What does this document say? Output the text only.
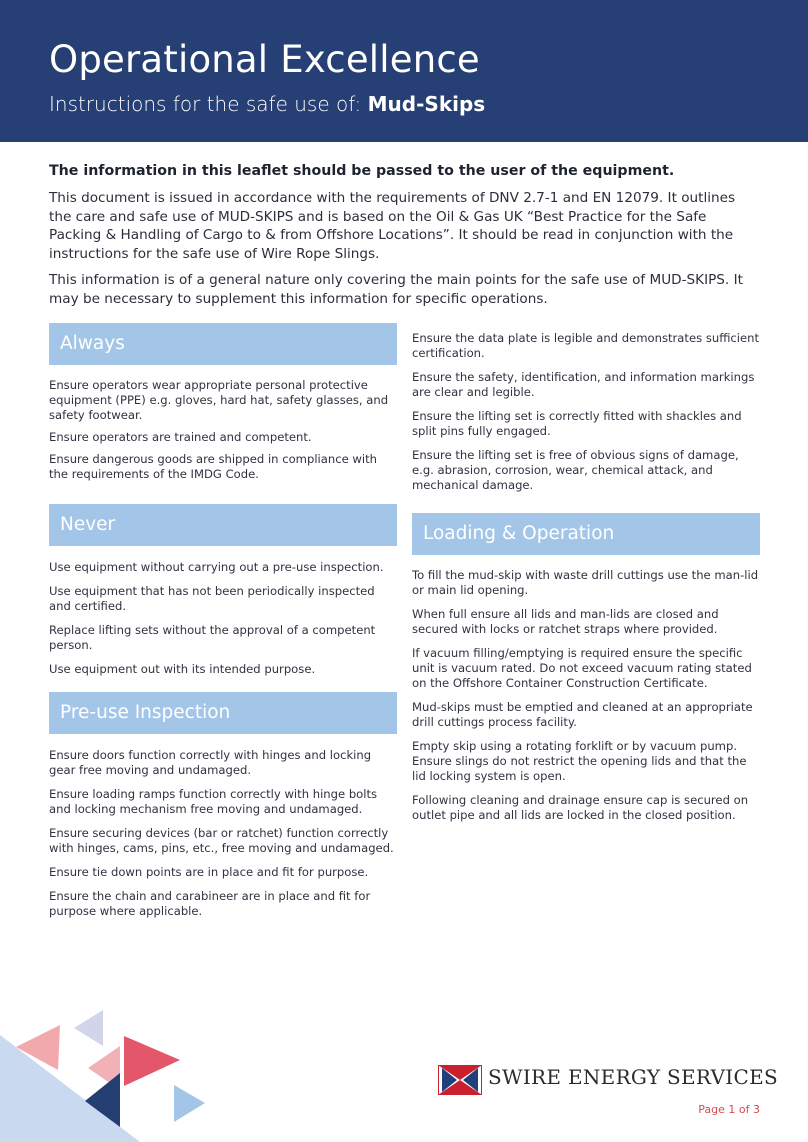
Operational Excellence

Instructions for the safe use of: Mud-Skips

The information in this leaflet should be passed to the user of the equipment.

This document is issued in accordance with the requirements of DNV 2.7-1 and EN 12079. It outlines the care and safe use of MUD-SKIPS and is based on the Oil & Gas UK “Best Practice for the Safe Packing & Handling of Cargo to & from Offshore Locations”. It should be read in conjunction with the instructions for the safe use of Wire Rope Slings.

This information is of a general nature only covering the main points for the safe use of MUD-SKIPS. It may be necessary to supplement this information for specific operations.

Always

Ensure operators wear appropriate personal protective equipment (PPE) e.g. gloves, hard hat, safety glasses, and safety footwear.

Ensure operators are trained and competent.

Ensure dangerous goods are shipped in compliance with the requirements of the IMDG Code.

Never

Use equipment without carrying out a pre-use inspection.

Use equipment that has not been periodically inspected and certified.

Replace lifting sets without the approval of a competent person.

Use equipment out with its intended purpose.

Pre-use Inspection

Ensure doors function correctly with hinges and locking gear free moving and undamaged.

Ensure loading ramps function correctly with hinge bolts and locking mechanism free moving and undamaged.

Ensure securing devices (bar or ratchet) function correctly with hinges, cams, pins, etc., free moving and undamaged.

Ensure tie down points are in place and fit for purpose.

Ensure the chain and carabineer are in place and fit for purpose where applicable.

Ensure the data plate is legible and demonstrates sufficient certification.

Ensure the safety, identification, and information markings are clear and legible.

Ensure the lifting set is correctly fitted with shackles and split pins fully engaged.

Ensure the lifting set is free of obvious signs of damage, e.g. abrasion, corrosion, wear, chemical attack, and mechanical damage.

Loading & Operation

To fill the mud-skip with waste drill cuttings use the man-lid or main lid opening.

When full ensure all lids and man-lids are closed and secured with locks or ratchet straps where provided.

If vacuum filling/emptying is required ensure the specific unit is vacuum rated. Do not exceed vacuum rating stated on the Offshore Container Construction Certificate.

Mud-skips must be emptied and cleaned at an appropriate drill cuttings process facility.

Empty skip using a rotating forklift or by vacuum pump. Ensure slings do not restrict the opening lids and that the lid locking system is open.

Following cleaning and drainage ensure cap is secured on outlet pipe and all lids are locked in the closed position.

SWIRE ENERGY SERVICES
Page 1 of 3
